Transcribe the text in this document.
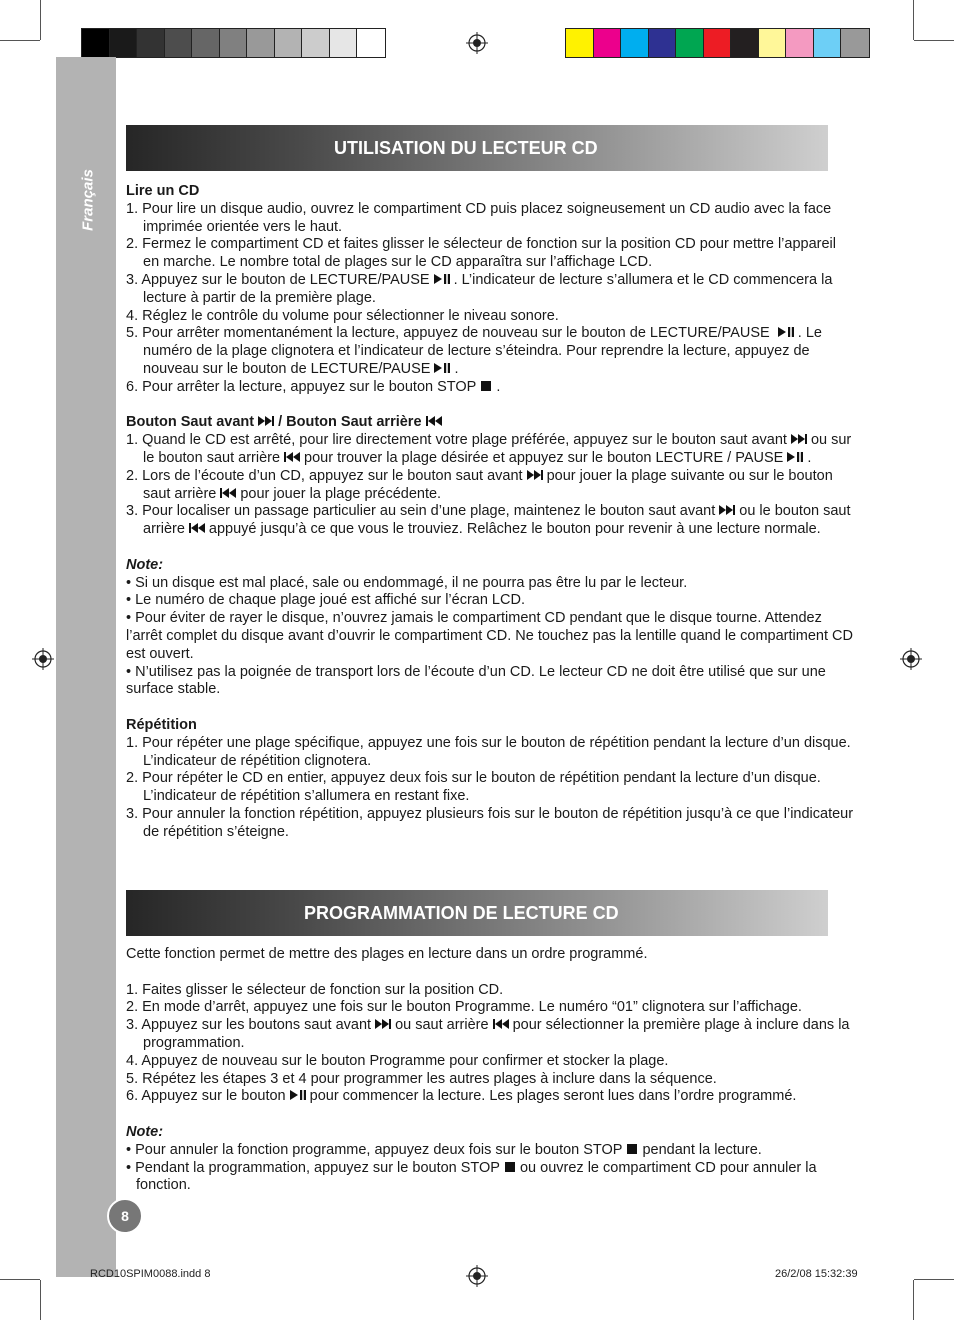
Français
8
UTILISATION DU LECTEUR CD
Lire un CD
1. Pour lire un disque audio, ouvrez le compartiment CD puis placez soigneusement un CD audio avec la face imprimée orientée vers le haut.
2. Fermez le compartiment CD et faites glisser le sélecteur de fonction sur la position CD pour mettre l’appareil en marche. Le nombre total de plages sur le CD apparaîtra sur l’affichage LCD.
3. Appuyez sur le bouton de LECTURE/PAUSE . L’indicateur de lecture s’allumera et le CD commencera la lecture à partir de la première plage.
4. Réglez le contrôle du volume pour sélectionner le niveau sonore.
5. Pour arrêter momentanément la lecture, appuyez de nouveau sur le bouton de LECTURE/PAUSE . Le numéro de la plage clignotera et l’indicateur de lecture s’éteindra. Pour reprendre la lecture, appuyez de nouveau sur le bouton de LECTURE/PAUSE .
6. Pour arrêter la lecture, appuyez sur le bouton STOP .
Bouton Saut avant / Bouton Saut arrière
1. Quand le CD est arrêté, pour lire directement votre plage préférée, appuyez sur le bouton saut avant ou sur le bouton saut arrière pour trouver la plage désirée et appuyez sur le bouton LECTURE / PAUSE .
2. Lors de l’écoute d’un CD, appuyez sur le bouton saut avant pour jouer la plage suivante ou sur le bouton saut arrière pour jouer la plage précédente.
3. Pour localiser un passage particulier au sein d’une plage, maintenez le bouton saut avant ou le bouton saut arrière appuyé jusqu’à ce que vous le trouviez. Relâchez le bouton pour revenir à une lecture normale.
Note:
• Si un disque est mal placé, sale ou endommagé, il ne pourra pas être lu par le lecteur.
• Le numéro de chaque plage joué est affiché sur l’écran LCD.
• Pour éviter de rayer le disque, n’ouvrez jamais le compartiment CD pendant que le disque tourne. Attendez l’arrêt complet du disque avant d’ouvrir le compartiment CD. Ne touchez pas la lentille quand le compartiment CD est ouvert.
• N’utilisez pas la poignée de transport lors de l’écoute d’un CD. Le lecteur CD ne doit être utilisé que sur une surface stable.
Répétition
1. Pour répéter une plage spécifique, appuyez une fois sur le bouton de répétition pendant la lecture d’un disque. L’indicateur de répétition clignotera.
2. Pour répéter le CD en entier, appuyez deux fois sur le bouton de répétition pendant la lecture d’un disque. L’indicateur de répétition s’allumera en restant fixe.
3. Pour annuler la fonction répétition, appuyez plusieurs fois sur le bouton de répétition jusqu’à ce que l’indicateur de répétition s’éteigne.
PROGRAMMATION DE LECTURE CD
Cette fonction permet de mettre des plages en lecture dans un ordre programmé.
1. Faites glisser le sélecteur de fonction sur la position CD.
2. En mode d’arrêt, appuyez une fois sur le bouton Programme. Le numéro “01” clignotera sur l’affichage.
3. Appuyez sur les boutons saut avant ou saut arrière pour sélectionner la première plage à inclure dans la programmation.
4. Appuyez de nouveau sur le bouton Programme pour confirmer et stocker la plage.
5. Répétez les étapes 3 et 4 pour programmer les autres plages à inclure dans la séquence.
6. Appuyez sur le bouton pour commencer la lecture. Les plages seront lues dans l’ordre programmé.
Note:
• Pour annuler la fonction programme, appuyez deux fois sur le bouton STOP pendant la lecture.
• Pendant la programmation, appuyez sur le bouton STOP ou ouvrez le compartiment CD pour annuler la fonction.
RCD10SPIM0088.indd 8	26/2/08 15:32:39
